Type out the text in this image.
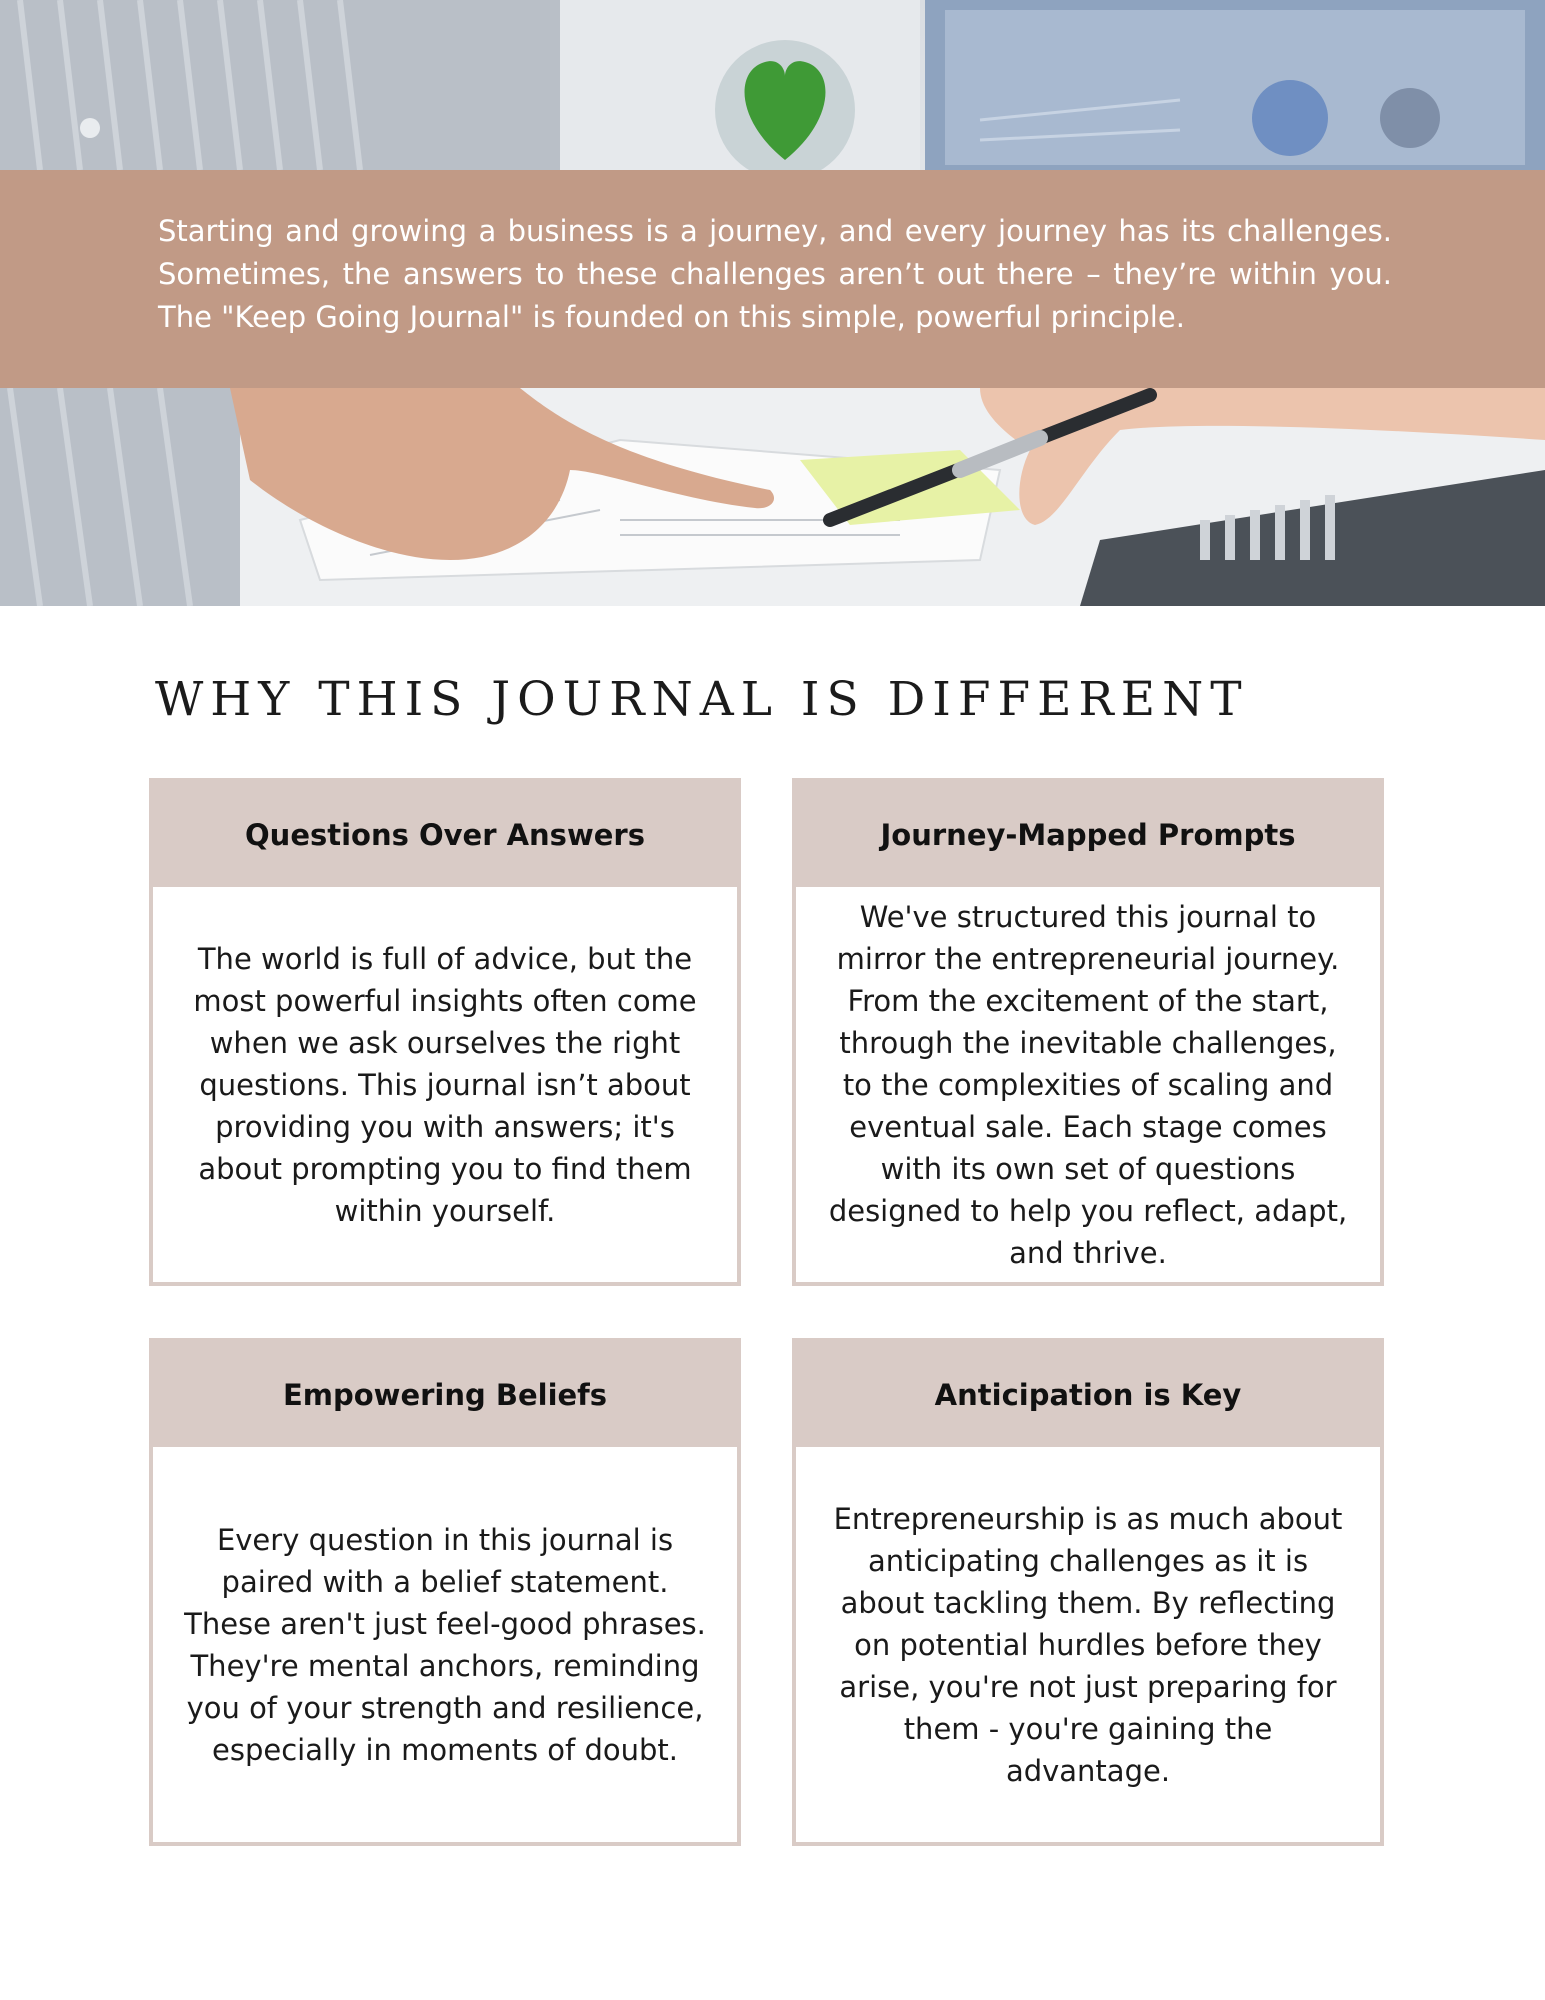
Starting and growing a business is a journey, and every journey has its challenges. Sometimes, the answers to these challenges aren’t out there – they’re within you. The "Keep Going Journal" is founded on this simple, powerful principle.

WHY THIS JOURNAL IS DIFFERENT
Questions Over Answers
The world is full of advice, but the most powerful insights often come when we ask ourselves the right questions. This journal isn’t about providing you with answers; it's about prompting you to find them within yourself.
Journey-Mapped Prompts
We've structured this journal to mirror the entrepreneurial journey. From the excitement of the start, through the inevitable challenges, to the complexities of scaling and eventual sale. Each stage comes with its own set of questions designed to help you reflect, adapt, and thrive.
Empowering Beliefs
Every question in this journal is paired with a belief statement. These aren't just feel-good phrases. They're mental anchors, reminding you of your strength and resilience, especially in moments of doubt.
Anticipation is Key
Entrepreneurship is as much about anticipating challenges as it is about tackling them. By reflecting on potential hurdles before they arise, you're not just preparing for them - you're gaining the advantage.
